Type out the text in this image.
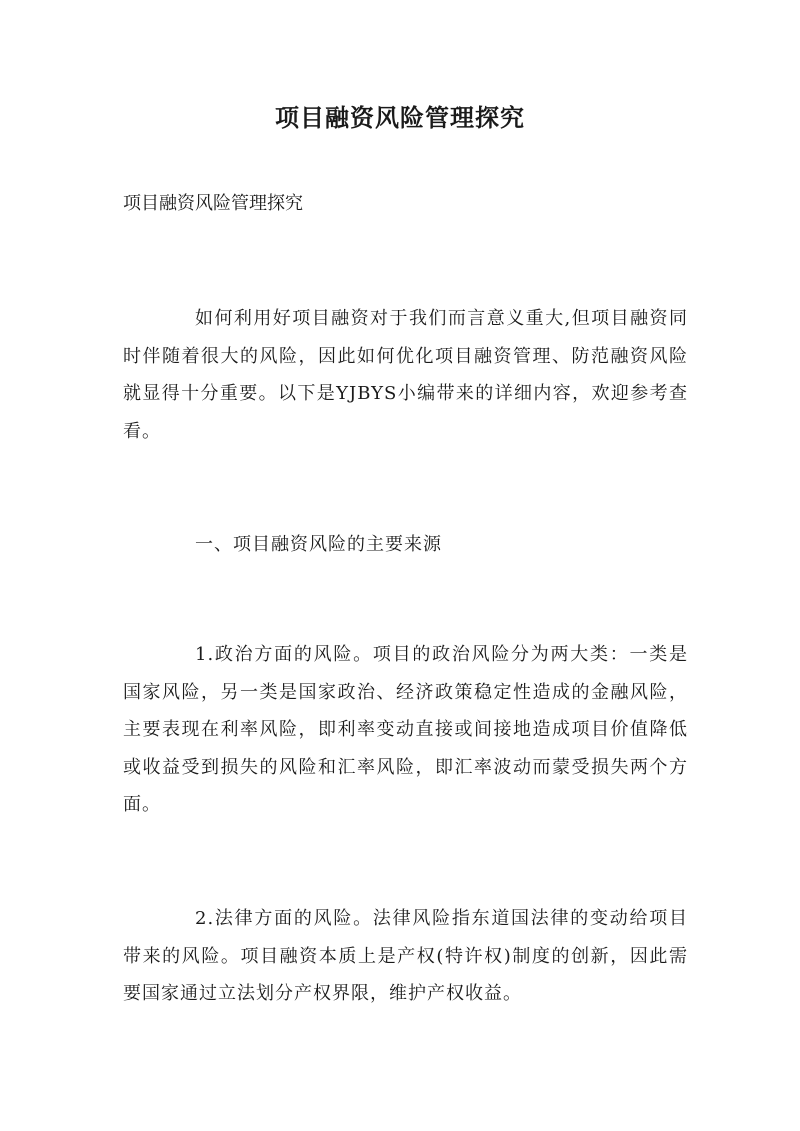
项目融资风险管理探究

项目融资风险管理探究

如何利用好项目融资对于我们而言意义重大,但项目融资同时伴随着很大的风险，因此如何优化项目融资管理、防范融资风险就显得十分重要。以下是YJBYS小编带来的详细内容，欢迎参考查看。

一、项目融资风险的主要来源

1.政治方面的风险。项目的政治风险分为两大类：一类是国家风险，另一类是国家政治、经济政策稳定性造成的金融风险，主要表现在利率风险，即利率变动直接或间接地造成项目价值降低或收益受到损失的风险和汇率风险，即汇率波动而蒙受损失两个方面。

2.法律方面的风险。法律风险指东道国法律的变动给项目带来的风险。项目融资本质上是产权(特许权)制度的创新，因此需要国家通过立法划分产权界限，维护产权收益。
